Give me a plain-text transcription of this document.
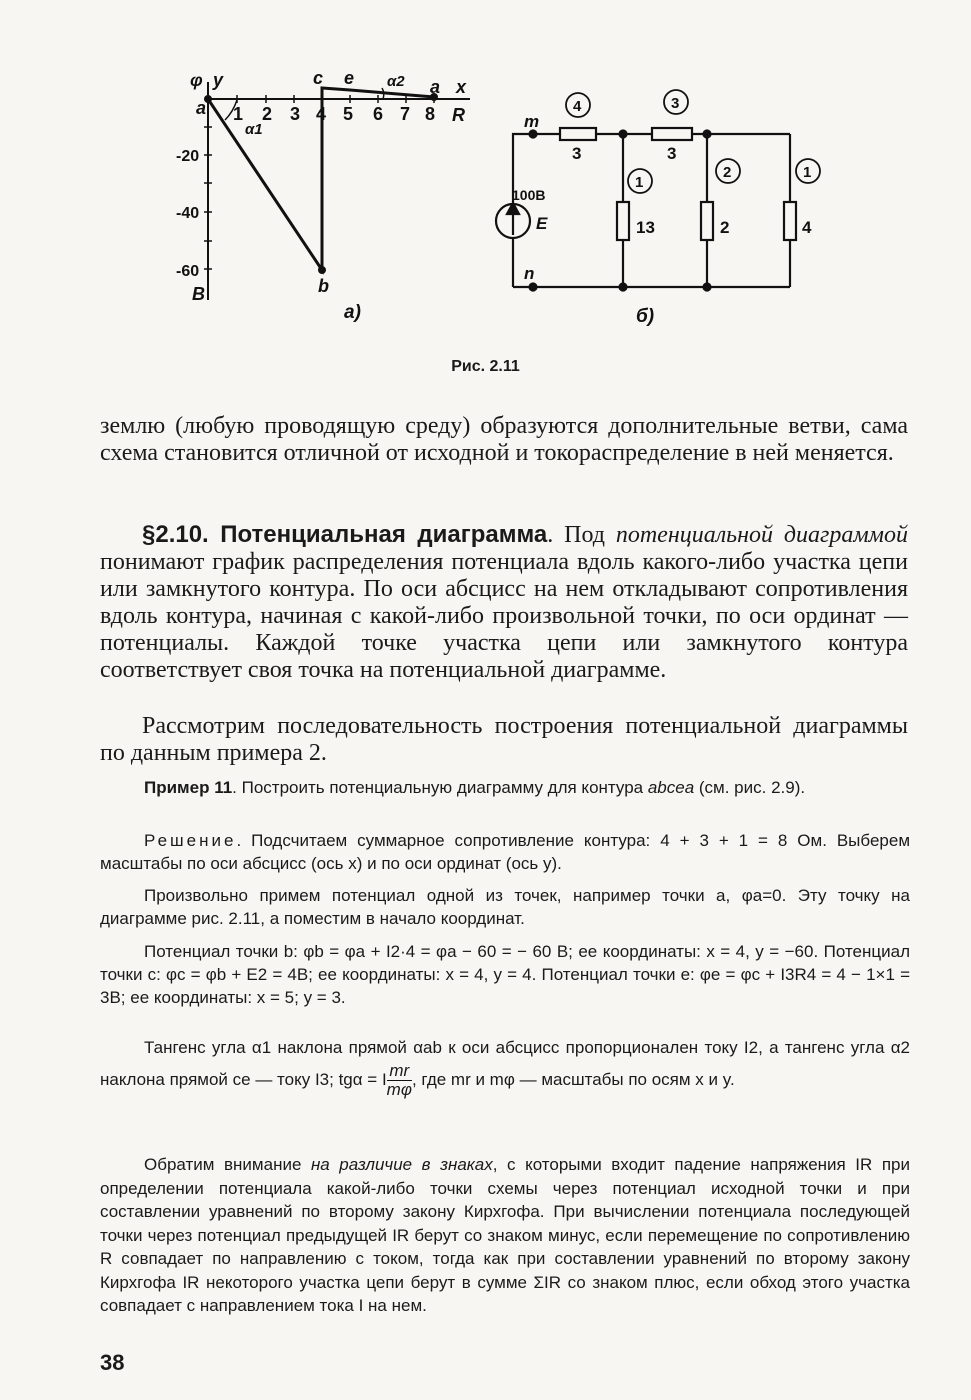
φ y	x
R
a
b
c e	a
α2
α1
1 2 3 4 5 6 7 8
-20
-40
-60
В
а)
m
n
100В
E
3	3
13	2	4
4	3
1
2	1
б)
Рис. 2.11

землю (любую проводящую среду) образуются дополнительные ветви, сама схема становится отличной от исходной и токораспределение в ней меняется.

§2.10. Потенциальная диаграмма. Под потенциальной диаграммой понимают график распределения потенциала вдоль какого-либо участка цепи или замкнутого контура. По оси абсцисс на нем откладывают сопротивления вдоль контура, начиная с какой-либо произвольной точки, по оси ординат — потенциалы. Каждой точке участка цепи или замкнутого контура соответствует своя точка на потенциальной диаграмме.

Рассмотрим последовательность построения потенциальной диаграммы по данным примера 2.

Пример 11. Построить потенциальную диаграмму для контура abcea (см. рис. 2.9).

Решение. Подсчитаем суммарное сопротивление контура: 4 + 3 + 1 = 8 Ом. Выберем масштабы по оси абсцисс (ось x) и по оси ординат (ось y).

Произвольно примем потенциал одной из точек, например точки a, φa=0. Эту точку на диаграмме рис. 2.11, а поместим в начало координат.

Потенциал точки b: φb = φa + I2·4 = φa − 60 = − 60 В; ее координаты: x = 4, y = −60. Потенциал точки c: φc = φb + E2 = 4В; ее координаты: x = 4, y = 4. Потенциал точки e: φe = φc + I3R4 = 4 − 1×1 = 3В; ее координаты: x = 5; y = 3.

Тангенс угла α1 наклона прямой αab к оси абсцисс пропорционален току I2, а тангенс угла α2 наклона прямой ce — току I3; tgα = I $\frac{mr}{m\varphi}$ , где mr и mφ — масштабы по осям x и y.

Обратим внимание на различие в знаках, с которыми входит падение напряжения IR при определении потенциала какой-либо точки схемы через потенциал исходной точки и при составлении уравнений по второму закону Кирхгофа. При вычислении потенциала последующей точки через потенциал предыдущей IR берут со знаком минус, если перемещение по сопротивлению R совпадает по направлению с током, тогда как при составлении уравнений по второму закону Кирхгофа IR некоторого участка цепи берут в сумме ΣIR со знаком плюс, если обход этого участка совпадает с направлением тока I на нем.

38
